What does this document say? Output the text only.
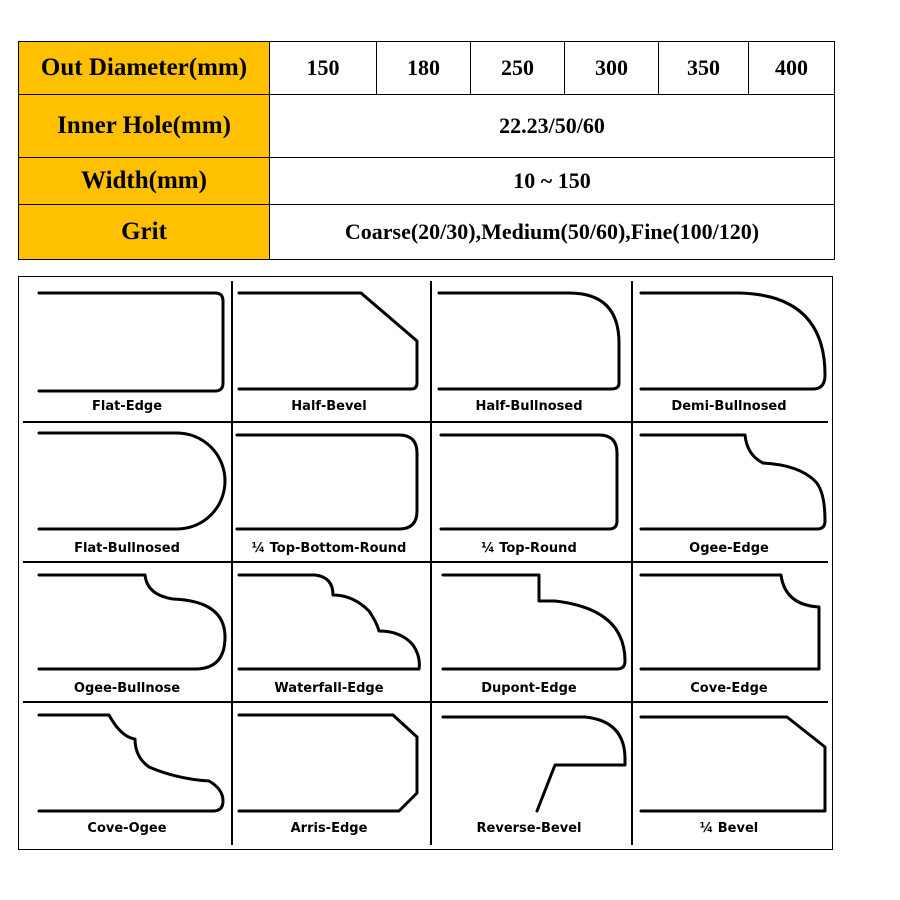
Out Diameter(mm)	150	180	250	300	350	400
Inner Hole(mm)	22.23/50/60					
Width(mm)	10 ~ 150					
Grit	Coarse(20/30),Medium(50/60),Fine(100/120)					
Flat-Edge	Half-Bevel	Half-Bullnosed	Demi-Bullnosed
Flat-Bullnosed	¼ Top-Bottom-Round	¼ Top-Round	Ogee-Edge
Ogee-Bullnose	Waterfall-Edge	Dupont-Edge	Cove-Edge
Cove-Ogee	Arris-Edge	Reverse-Bevel	¼ Bevel
